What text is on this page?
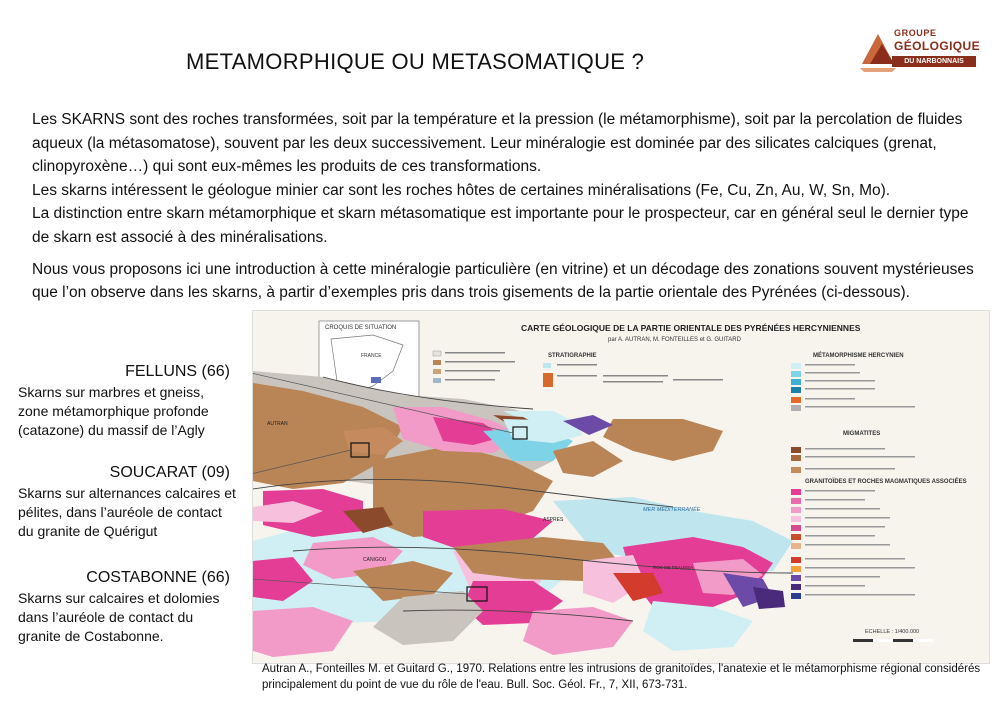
METAMORPHIQUE OU METASOMATIQUE ?
GROUPE
GÉOLOGIQUE
DU NARBONNAIS

Les SKARNS sont des roches transformées, soit par la température et la pression (le métamorphisme), soit par la percolation de fluides aqueux (la métasomatose), souvent par les deux successivement. Leur minéralogie est dominée par des silicates calciques (grenat, clinopyroxène…) qui sont eux-mêmes les produits de ces transformations.

Les skarns intéressent le géologue minier car sont les roches hôtes de certaines minéralisations (Fe, Cu, Zn, Au, W, Sn, Mo).

La distinction entre skarn métamorphique et skarn métasomatique est importante pour le prospecteur, car en général seul le dernier type de skarn est associé à des minéralisations.

Nous vous proposons ici une introduction à cette minéralogie particulière (en vitrine) et un décodage des zonations souvent mystérieuses que l’on observe dans les skarns, à partir d’exemples pris dans trois gisements de la partie orientale des Pyrénées (ci-dessous).

FELLUNS (66)
Skarns sur marbres et gneiss, zone métamorphique profonde (catazone) du massif de l’Agly
SOUCARAT (09)
Skarns sur alternances calcaires et pélites, dans l’auréole de contact du granite de Quérigut
COSTABONNE (66)
Skarns sur calcaires et dolomies dans l’auréole de contact du granite de Costabonne.
CROQUIS DE SITUATION
FRANCE
CARTE GÉOLOGIQUE DE LA PARTIE ORIENTALE DES PYRÉNÉES HERCYNIENNES
par A. AUTRAN, M. FONTEILLES et G. GUITARD
STRATIGRAPHIE	MÉTAMORPHISME HERCYNIEN
MIGMATITES
GRANITOÏDES ET ROCHES MAGMATIQUES ASSOCIÉES
MER MÉDITERRANÉE
AUTRAN
CANIGOU
ASPRES
ROC DE FRAUSSA
ECHELLE : 1/400.000
Autran A., Fonteilles M. et Guitard G., 1970. Relations entre les intrusions de granitoïdes, l'anatexie et le métamorphisme régional considérés principalement du point de vue du rôle de l'eau. Bull. Soc. Géol. Fr., 7, XII, 673-731.
